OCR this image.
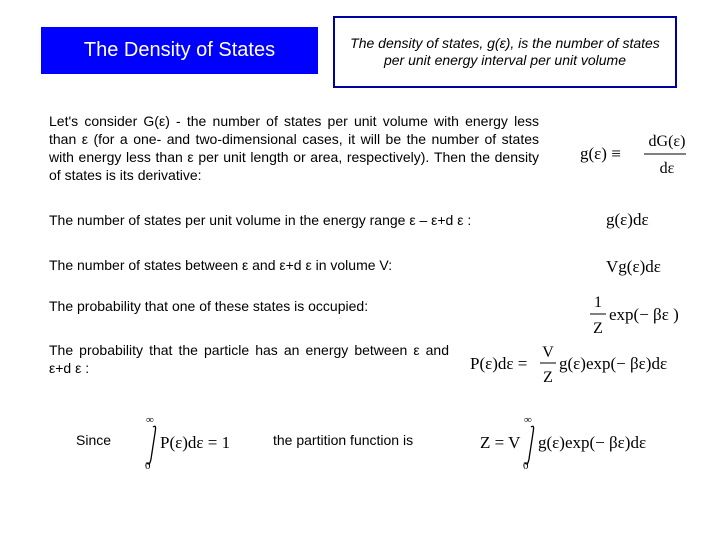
The Density of States	The density of states, g(ε), is the number of states per unit energy interval per unit volume
Let's consider G(ε) - the number of states per unit volume with energy less than ε (for a one- and two-dimensional cases, it will be the number of states with energy less than ε per unit length or area, respectively). Then the density of states is its derivative:
The number of states per unit volume in the energy range ε – ε+d ε :
The number of states between ε and ε+d ε in volume V:
The probability that one of these states is occupied:
The probability that the particle has an energy between ε and ε+d ε :
Since	the partition function is
g(ε) ≡
dG(ε)
dε
g(ε)dε
Vg(ε)dε
1
Z
exp(− βε )
P(ε)dε =
V
Z
g(ε)exp(− βε)dε
∞
0
P(ε)dε = 1	Z = V
∞
0
g(ε)exp(− βε)dε
